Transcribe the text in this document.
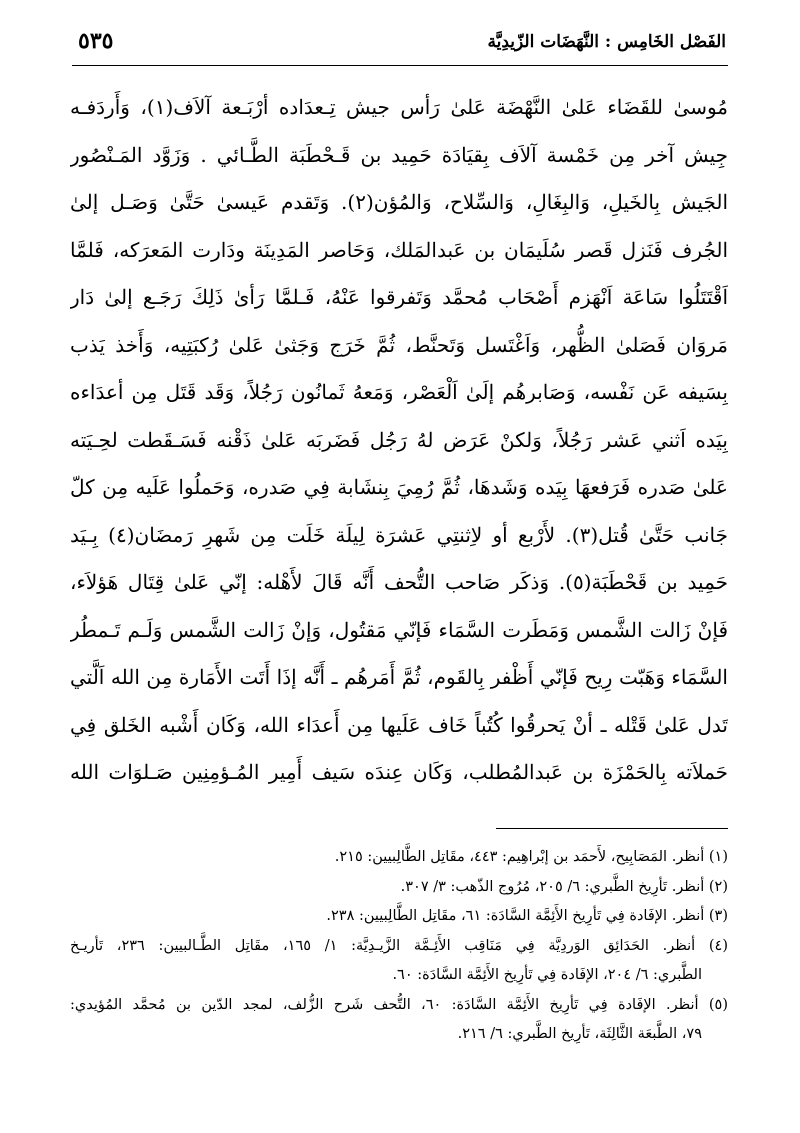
الفَصْل الخَامِس : النَّهَضَات الزّيدِيَّة
٥٣٥
مُوسىٰ للقَضَاء عَلىٰ النَّهْضَة عَلىٰ رَأس جيش تِـعدَاده أرْبَـعة آلاَف(١)، وَأَردَفـه
جِيش آخر مِن خَمْسة آلاَف بِقيَادَة حَمِيد بن قَـحْطَبَة الطَّـائي . وَزَوَّد المَـنْصُور
الجَيش بِالخَيلِ، وَالبِغَالِ، وَالسِّلاح، وَالمُؤن(٢). وَتَقدم عَيسىٰ حَتَّىٰ وَصَـل إلىٰ
الجُرف فَنَزل قَصر سُلَيمَان بن عَبدالمَلك، وَحَاصر المَدِينَة ودَارت المَعرَكه، فَلمَّا
اَقْتَتَلُوا سَاعَة اَنْهَزم أَصْحَاب مُحمَّد وَتَفرقوا عَنْهُ، فَـلمَّا رَأىٰ ذَلِكَ رَجَـع إلىٰ دَار
مَروَان فَصَلىٰ الظُّهر، وَاَغْتَسل وَتَحنَّط، ثُمَّ خَرَج وَجَثىٰ عَلىٰ رُكبَتِيه، وَأَخذ يَذب
بِسَيفه عَن نَفْسه، وَصَابرهُم إلَىٰ اَلْعَصْر، وَمَعهُ ثَمانُون رَجُلاً، وَقَد قَتَل مِن أعدَاءه
بِيَده اَثني عَشر رَجُلاً، وَلكنْ عَرَض لهُ رَجُل فَضَربَه عَلىٰ ذَقْنه فَسَـقَطت لحِـيَته
عَلىٰ صَدره فَرَفعهَا بِيَده وَشَدهَا، ثُمَّ رُمِيَ بِنشَابة فِي صَدره، وَحَملُوا عَلَيه مِن كلّ
جَانب حَتَّىٰ قُتل(٣). لأَرْبع أو لاِثنتِي عَشرَة لِيلَة خَلَت مِن شَهرِ رَمضَان(٤) بِـيَد
حَمِيد بن قَحْطَبَة(٥). وَذكَر صَاحب التُّحف أَنَّه قَالَ لأَهْله: إنّي عَلىٰ قِتَال هَؤلاَء،
فَإنْ زَالت الشَّمس وَمَطَرت السَّمَاء فَإنّي مَقتُول، وَإنْ زَالت الشَّمس وَلَـم تَـمطُر
السَّمَاء وَهَبّت رِيح فَإنّي أَظْفر بِالقَوم، ثُمَّ أَمَرهُم ـ أَنَّه إذَا أَتَت الأَمَارة مِن الله اَلَّتي
تَدل عَلىٰ قَتْله ـ أنْ يَحرقُوا كُتُباً خَاف عَلَيها مِن أَعدَاء الله، وَكَان أَشْبه الخَلق فِي
حَملاَته بِالحَمْزَة بن عَبدالمُطلب، وَكَان عِندَه سَيف أَمِير المُـؤمِنِين صَـلوَات الله
(١) أنظر. المَصَابِيح، لأَحمَد بن إبْراهِيم: ٤٤٣، مقَاتِل الطَّالِبيين: ٢١٥.
(٢) أنظر. تَأرِيخ الطَّبري: ٦/ ٢٠٥، مُرُوج الذّهب: ٣/ ٣٠٧.
(٣) أنظر. الإفَادة فِي تَأرِيخ الأَئِمَّة السَّادَة: ٦١، مقَاتِل الطَّالِبيين: ٢٣٨.
(٤) أنظر. الحَدَائِق الوَردِيَّة فِي مَنَاقِب الأَئِـمَّة الزَّيـدِيَّة: ١/ ١٦٥، مقَاتِل الطَّـالبيين: ٢٣٦، تَأريـخ
الطَّبري: ٦/ ٢٠٤، الإفَادة فِي تَأرِيخ الأَئِمَّة السَّادَة: ٦٠.
(٥) أنظر. الإفَادة فِي تَأرِيخ الأَئِمَّة السَّادَة: ٦٠، التُّحف شَرح الزُّلف، لمجد الدّين بن مُحمَّد المُؤيدي:
٧٩، الطَّبعَة الثَّالِثَة، تَأرِيخ الطَّبري: ٦/ ٢١٦.
